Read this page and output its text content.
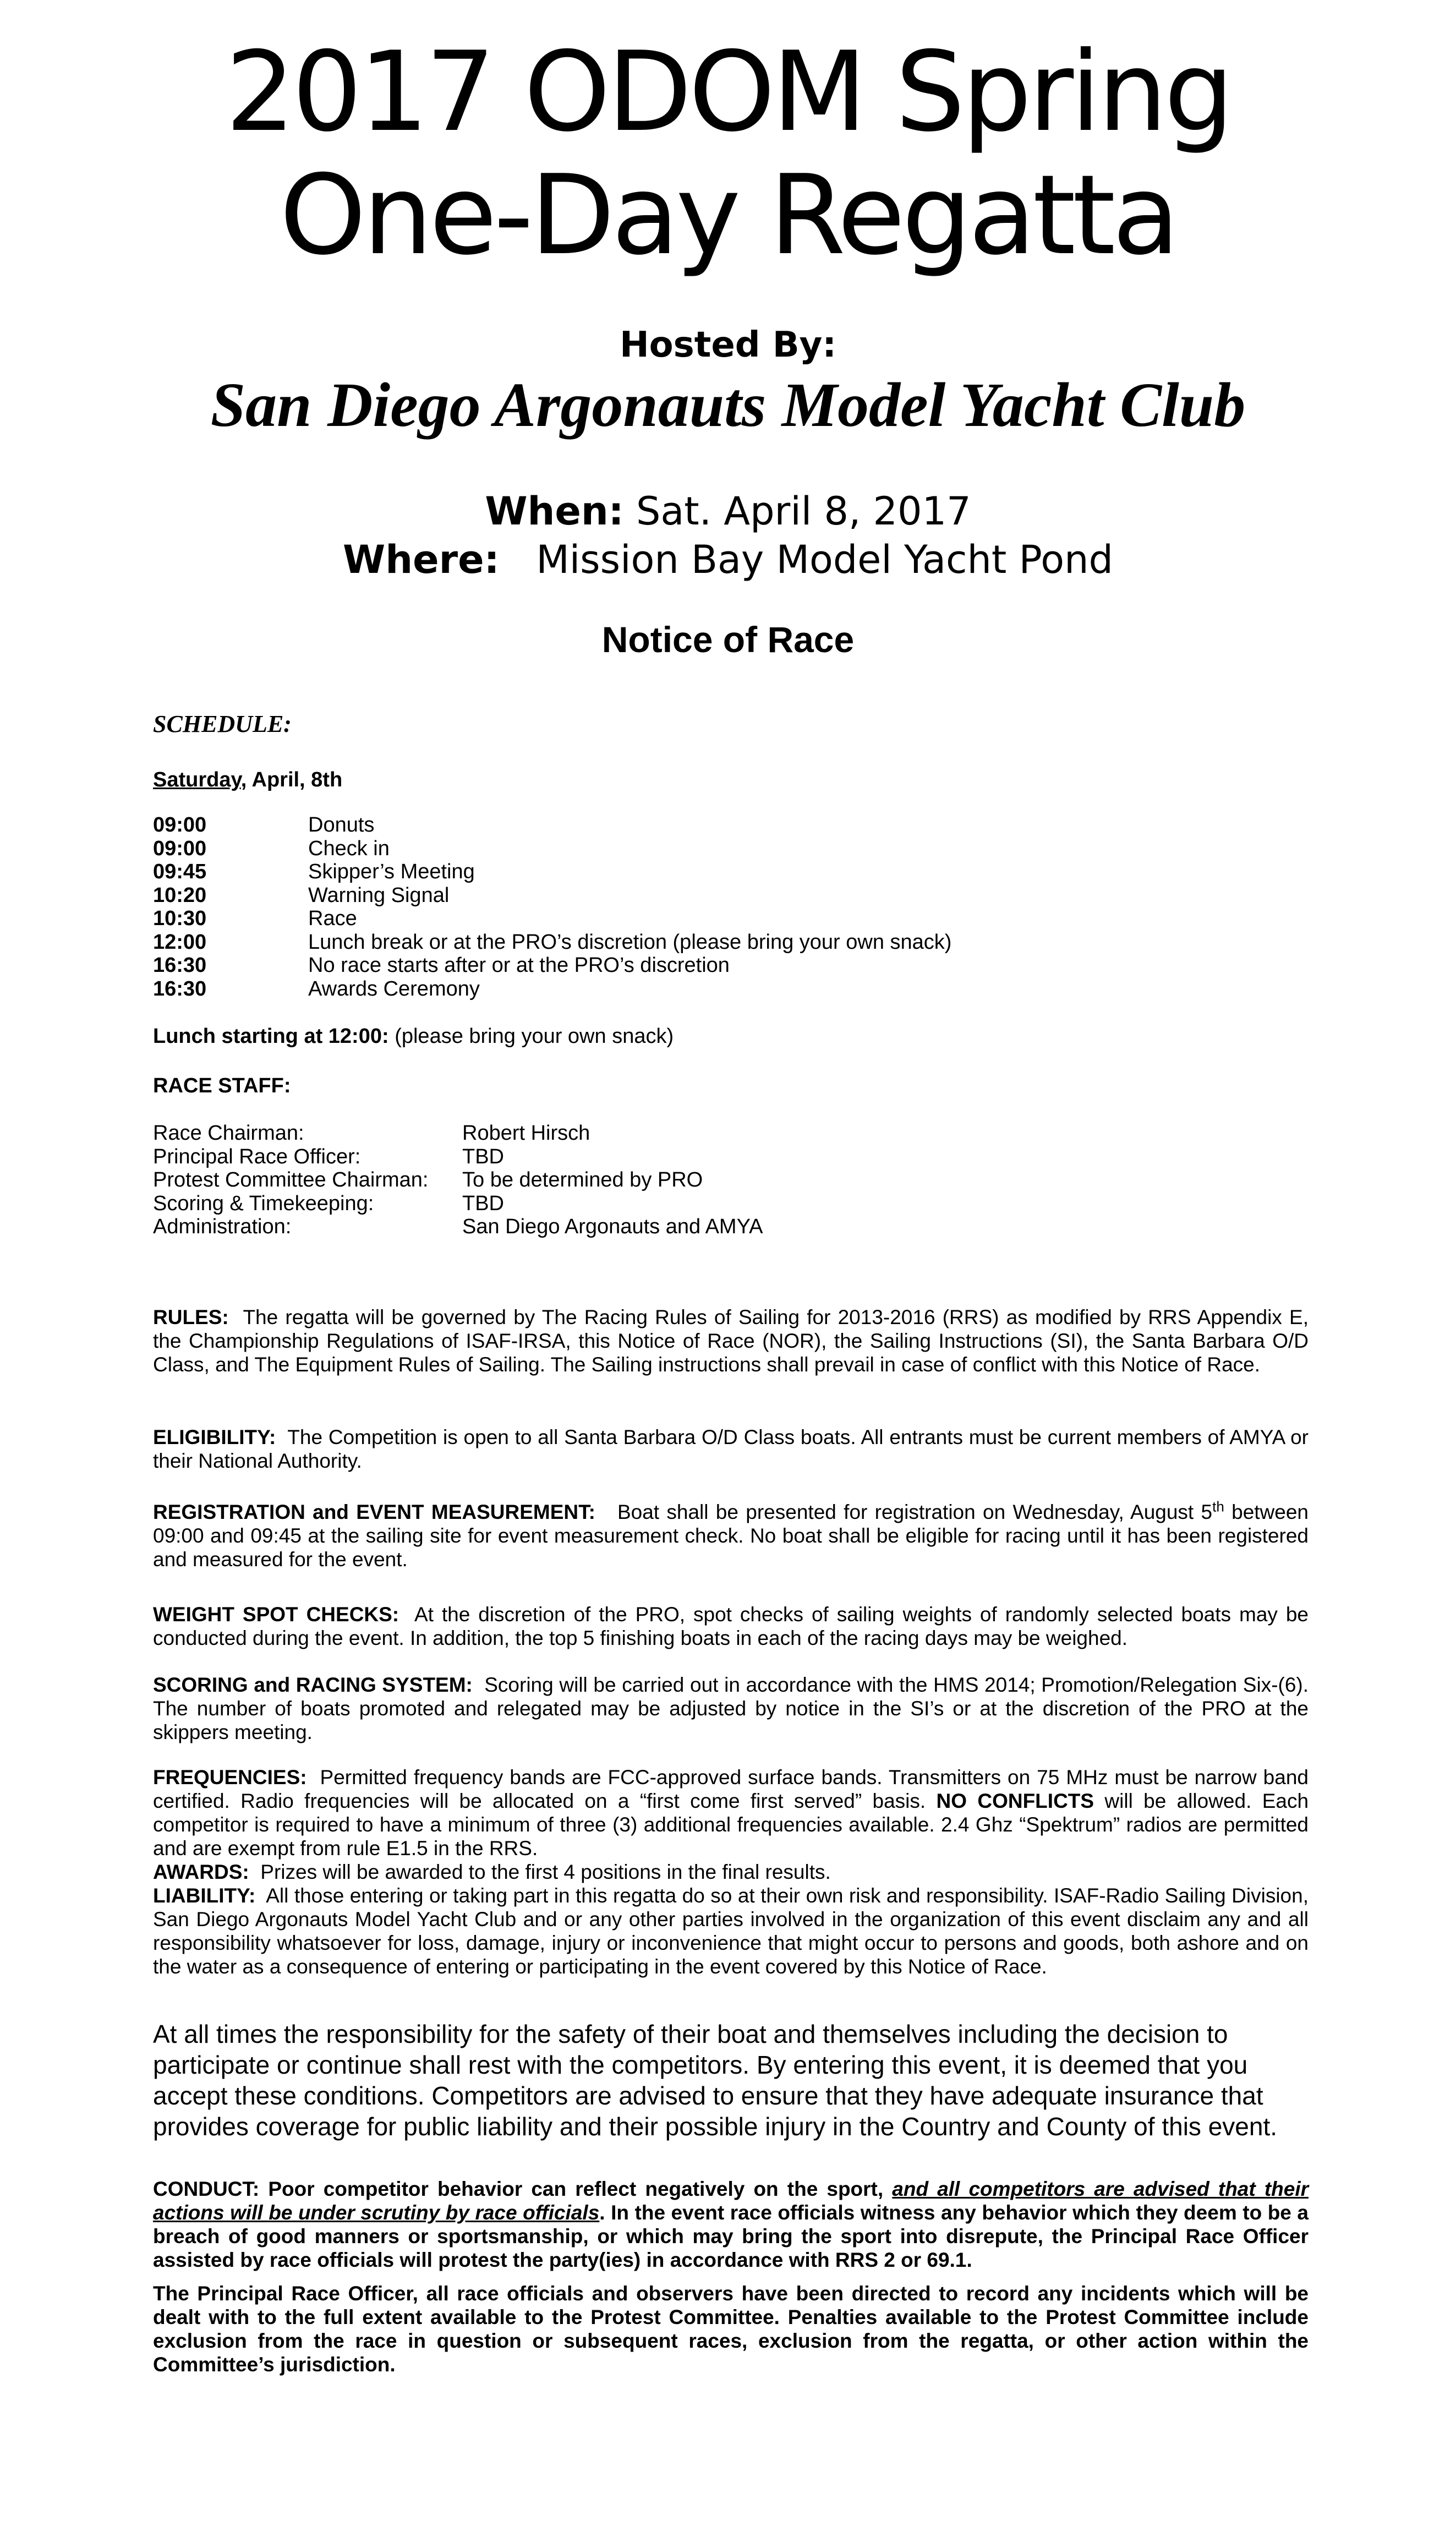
2017 ODOM Spring
One-Day Regatta
Hosted By:
San Diego Argonauts Model Yacht Club
When: Sat. April 8, 2017
Where: Mission Bay Model Yacht Pond
Notice of Race
SCHEDULE:
Saturday, April, 8th
09:00	Donuts
09:00	Check in
09:45	Skipper’s Meeting
10:20	Warning Signal
10:30	Race
12:00	Lunch break or at the PRO’s discretion (please bring your own snack)
16:30	No race starts after or at the PRO’s discretion
16:30	Awards Ceremony
Lunch starting at 12:00: (please bring your own snack)
RACE STAFF:
Race Chairman:	Robert Hirsch
Principal Race Officer:	TBD
Protest Committee Chairman: To be determined by PRO
Scoring & Timekeeping:	TBD
Administration:	San Diego Argonauts and AMYA
RULES: The regatta will be governed by The Racing Rules of Sailing for 2013-2016 (RRS) as modified by RRS Appendix E, the Championship Regulations of ISAF-IRSA, this Notice of Race (NOR), the Sailing Instructions (SI), the Santa Barbara O/D Class, and The Equipment Rules of Sailing. The Sailing instructions shall prevail in case of conflict with this Notice of Race.
ELIGIBILITY: The Competition is open to all Santa Barbara O/D Class boats. All entrants must be current members of AMYA or their National Authority.
REGISTRATION and EVENT MEASUREMENT: Boat shall be presented for registration on Wednesday, August 5th between 09:00 and 09:45 at the sailing site for event measurement check. No boat shall be eligible for racing until it has been registered and measured for the event.
WEIGHT SPOT CHECKS: At the discretion of the PRO, spot checks of sailing weights of randomly selected boats may be conducted during the event. In addition, the top 5 finishing boats in each of the racing days may be weighed.
SCORING and RACING SYSTEM: Scoring will be carried out in accordance with the HMS 2014; Promotion/Relegation Six-(6). The number of boats promoted and relegated may be adjusted by notice in the SI’s or at the discretion of the PRO at the skippers meeting.
FREQUENCIES: Permitted frequency bands are FCC-approved surface bands. Transmitters on 75 MHz must be narrow band certified. Radio frequencies will be allocated on a “first come first served” basis. NO CONFLICTS will be allowed. Each competitor is required to have a minimum of three (3) additional frequencies available. 2.4 Ghz “Spektrum” radios are permitted and are exempt from rule E1.5 in the RRS.
AWARDS: Prizes will be awarded to the first 4 positions in the final results.
LIABILITY: All those entering or taking part in this regatta do so at their own risk and responsibility. ISAF-Radio Sailing Division, San Diego Argonauts Model Yacht Club and or any other parties involved in the organization of this event disclaim any and all responsibility whatsoever for loss, damage, injury or inconvenience that might occur to persons and goods, both ashore and on the water as a consequence of entering or participating in the event covered by this Notice of Race.
At all times the responsibility for the safety of their boat and themselves including the decision to participate or continue shall rest with the competitors. By entering this event, it is deemed that you accept these conditions. Competitors are advised to ensure that they have adequate insurance that provides coverage for public liability and their possible injury in the Country and County of this event.
CONDUCT: Poor competitor behavior can reflect negatively on the sport, and all competitors are advised that their actions will be under scrutiny by race officials. In the event race officials witness any behavior which they deem to be a breach of good manners or sportsmanship, or which may bring the sport into disrepute, the Principal Race Officer assisted by race officials will protest the party(ies) in accordance with RRS 2 or 69.1.
The Principal Race Officer, all race officials and observers have been directed to record any incidents which will be dealt with to the full extent available to the Protest Committee. Penalties available to the Protest Committee include exclusion from the race in question or subsequent races, exclusion from the regatta, or other action within the Committee’s jurisdiction.
